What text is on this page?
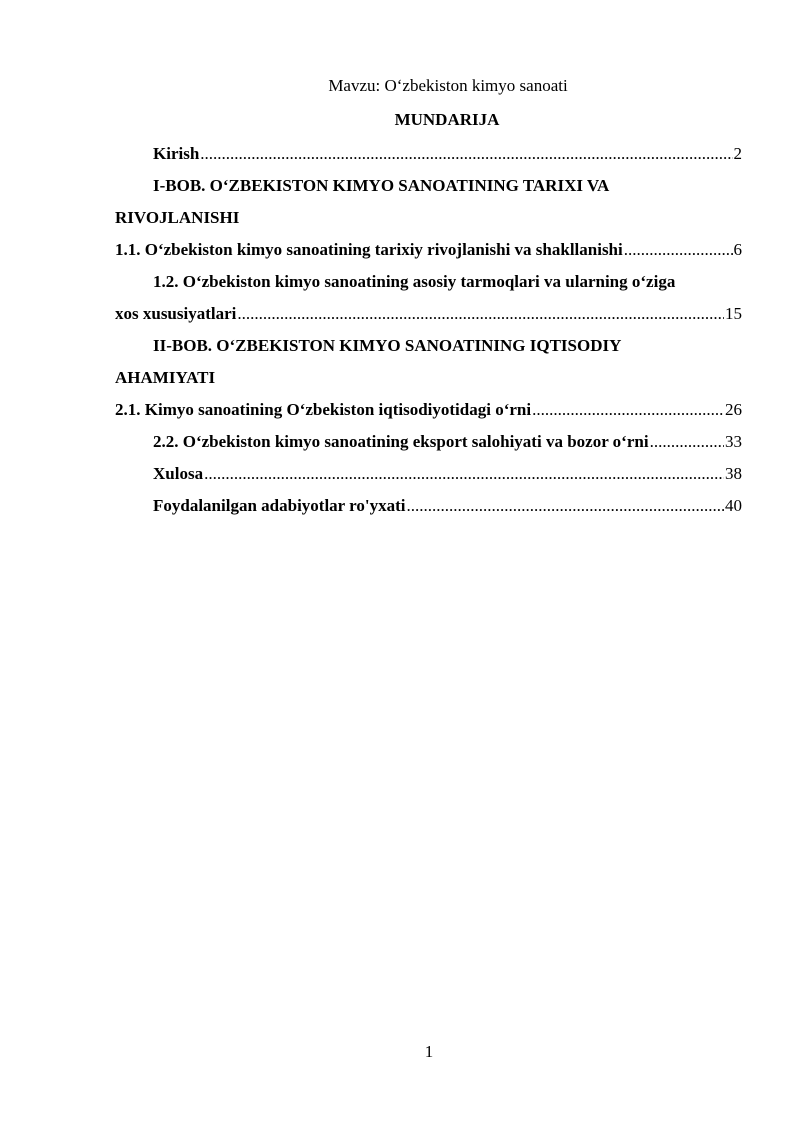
Mavzu: O‘zbekiston kimyo sanoati
MUNDARIJA
Kirish .....	2
I-BOB. O‘ZBEKISTON KIMYO SANOATINING TARIXI VA
RIVOJLANISHI
1.1. O‘zbekiston kimyo sanoatining tarixiy rivojlanishi va shakllanishi .....	6
1.2. O‘zbekiston kimyo sanoatining asosiy tarmoqlari va ularning o‘ziga
xos xususiyatlari .....	15
II-BOB. O‘ZBEKISTON KIMYO SANOATINING IQTISODIY
AHAMIYATI
2.1. Kimyo sanoatining O‘zbekiston iqtisodiyotidagi o‘rni .....	26
2.2. O‘zbekiston kimyo sanoatining eksport salohiyati va bozor o‘rni .....	33
Xulosa .....	38
Foydalanilgan adabiyotlar ro'yxati .....	40
1
